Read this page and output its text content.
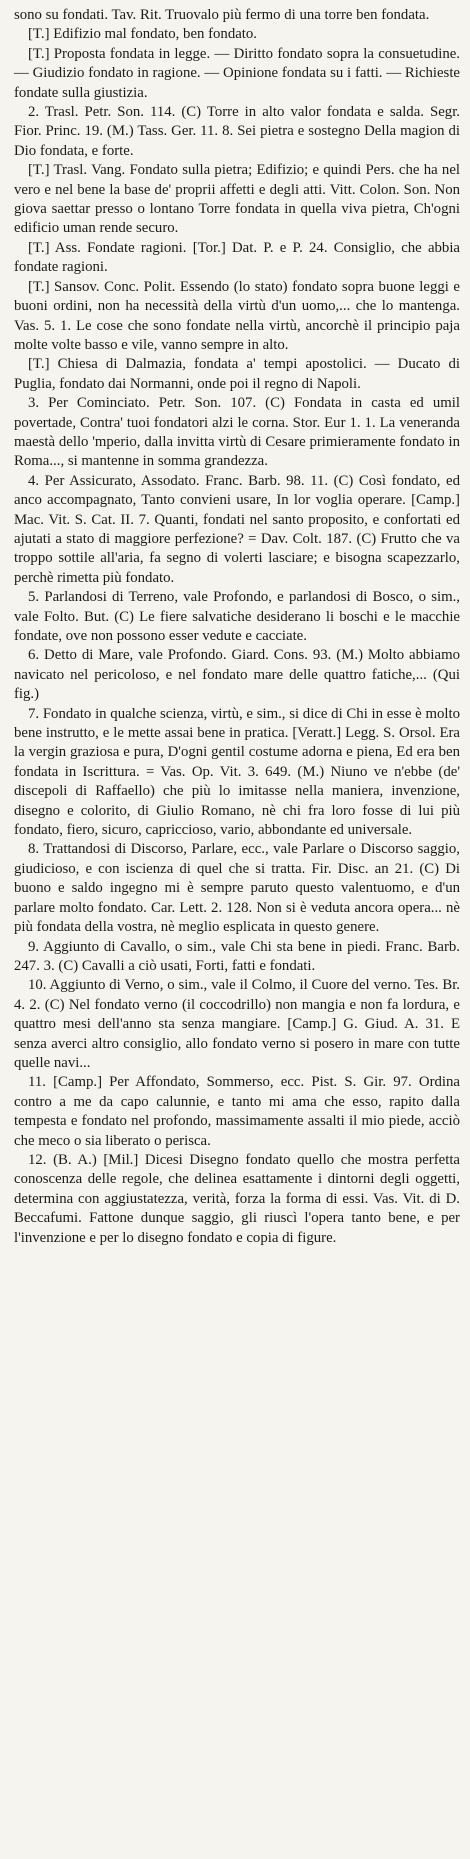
sono su fondati. Tav. Rit. Truovalo più fermo di una torre ben fondata.

[T.] Edifizio mal fondato, ben fondato.

[T.] Proposta fondata in legge. — Diritto fondato sopra la consuetudine. — Giudizio fondato in ragione. — Opinione fondata su i fatti. — Richieste fondate sulla giustizia.

2. Trasl. Petr. Son. 114. (C) Torre in alto valor fondata e salda. Segr. Fior. Princ. 19. (M.) Tass. Ger. 11. 8. Sei pietra e sostegno Della magion di Dio fondata, e forte.

[T.] Trasl. Vang. Fondato sulla pietra; Edifizio; e quindi Pers. che ha nel vero e nel bene la base de' proprii affetti e degli atti. Vitt. Colon. Son. Non giova saettar presso o lontano Torre fondata in quella viva pietra, Ch'ogni edificio uman rende securo.

[T.] Ass. Fondate ragioni. [Tor.] Dat. P. e P. 24. Consiglio, che abbia fondate ragioni.

[T.] Sansov. Conc. Polit. Essendo (lo stato) fondato sopra buone leggi e buoni ordini, non ha necessità della virtù d'un uomo,... che lo mantenga. Vas. 5. 1. Le cose che sono fondate nella virtù, ancorchè il principio paja molte volte basso e vile, vanno sempre in alto.

[T.] Chiesa di Dalmazia, fondata a' tempi apostolici. — Ducato di Puglia, fondato dai Normanni, onde poi il regno di Napoli.

3. Per Cominciato. Petr. Son. 107. (C) Fondata in casta ed umil povertade, Contra' tuoi fondatori alzi le corna. Stor. Eur 1. 1. La veneranda maestà dello 'mperio, dalla invitta virtù di Cesare primieramente fondato in Roma..., si mantenne in somma grandezza.

4. Per Assicurato, Assodato. Franc. Barb. 98. 11. (C) Così fondato, ed anco accompagnato, Tanto convieni usare, In lor voglia operare. [Camp.] Mac. Vit. S. Cat. II. 7. Quanti, fondati nel santo proposito, e confortati ed ajutati a stato di maggiore perfezione? = Dav. Colt. 187. (C) Frutto che va troppo sottile all'aria, fa segno di volerti lasciare; e bisogna scapezzarlo, perchè rimetta più fondato.

5. Parlandosi di Terreno, vale Profondo, e parlandosi di Bosco, o sim., vale Folto. But. (C) Le fiere salvatiche desiderano li boschi e le macchie fondate, ove non possono esser vedute e cacciate.

6. Detto di Mare, vale Profondo. Giard. Cons. 93. (M.) Molto abbiamo navicato nel pericoloso, e nel fondato mare delle quattro fatiche,... (Qui fig.)

7. Fondato in qualche scienza, virtù, e sim., si dice di Chi in esse è molto bene instrutto, e le mette assai bene in pratica. [Veratt.] Legg. S. Orsol. Era la vergin graziosa e pura, D'ogni gentil costume adorna e piena, Ed era ben fondata in Iscrittura. = Vas. Op. Vit. 3. 649. (M.) Niuno ve n'ebbe (de' discepoli di Raffaello) che più lo imitasse nella maniera, invenzione, disegno e colorito, di Giulio Romano, nè chi fra loro fosse di lui più fondato, fiero, sicuro, capriccioso, vario, abbondante ed universale.

8. Trattandosi di Discorso, Parlare, ecc., vale Parlare o Discorso saggio, giudicioso, e con iscienza di quel che si tratta. Fir. Disc. an 21. (C) Di buono e saldo ingegno mi è sempre paruto questo valentuomo, e d'un parlare molto fondato. Car. Lett. 2. 128. Non si è veduta ancora opera... nè più fondata della vostra, nè meglio esplicata in questo genere.

9. Aggiunto di Cavallo, o sim., vale Chi sta bene in piedi. Franc. Barb. 247. 3. (C) Cavalli a ciò usati, Forti, fatti e fondati.

10. Aggiunto di Verno, o sim., vale il Colmo, il Cuore del verno. Tes. Br. 4. 2. (C) Nel fondato verno (il coccodrillo) non mangia e non fa lordura, e quattro mesi dell'anno sta senza mangiare. [Camp.] G. Giud. A. 31. E senza averci altro consiglio, allo fondato verno si posero in mare con tutte quelle navi...

11. [Camp.] Per Affondato, Sommerso, ecc. Pist. S. Gir. 97. Ordina contro a me da capo calunnie, e tanto mi ama che esso, rapito dalla tempesta e fondato nel profondo, massimamente assalti il mio piede, acciò che meco o sia liberato o perisca.

12. (B. A.) [Mil.] Dicesi Disegno fondato quello che mostra perfetta conoscenza delle regole, che delinea esattamente i dintorni degli oggetti, determina con aggiustatezza, verità, forza la forma di essi. Vas. Vit. di D. Beccafumi. Fattone dunque saggio, gli riuscì l'opera tanto bene, e per l'invenzione e per lo disegno fondato e copia di figure.
